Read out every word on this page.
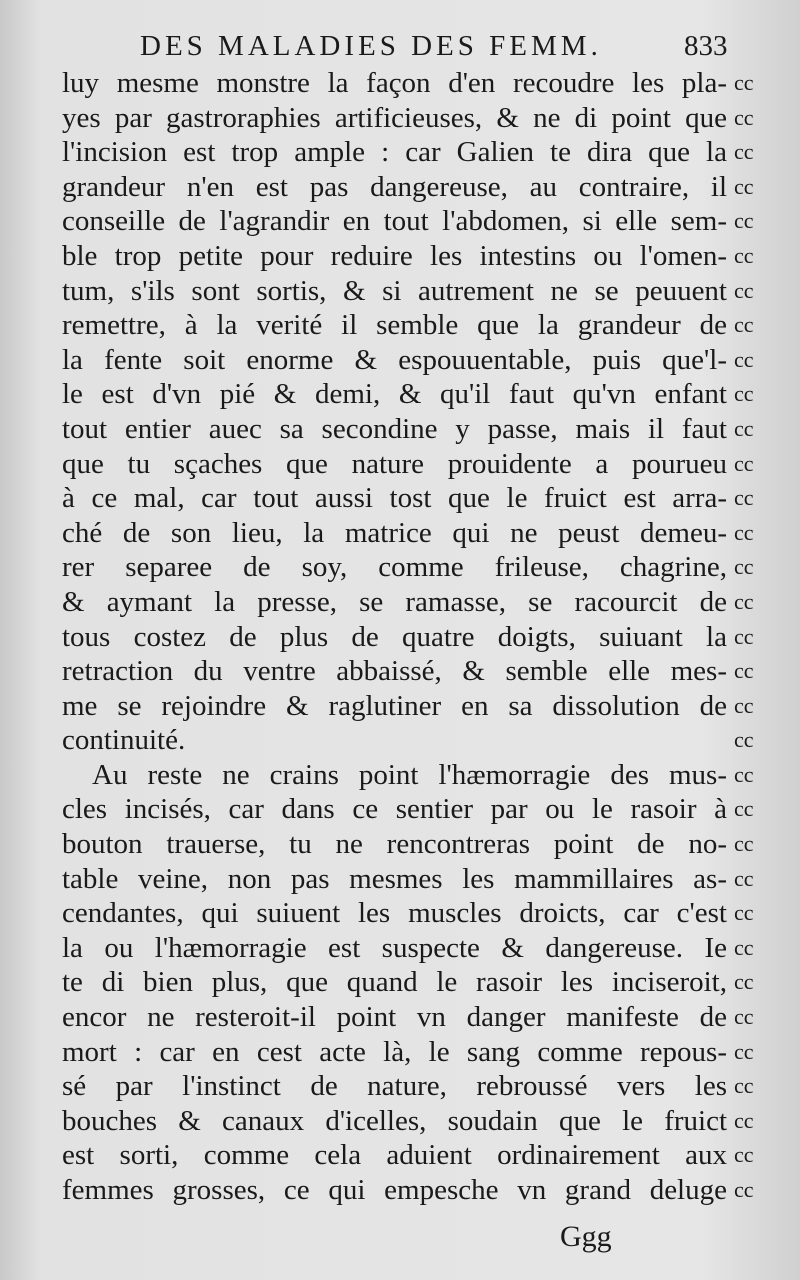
DES MALADIES DES FEMM.	833
luy mesme monstre la façon d'en recoudre les pla-
yes par gastroraphies artificieuses, & ne di point que
l'incision est trop ample : car Galien te dira que la
grandeur n'en est pas dangereuse, au contraire, il
conseille de l'agrandir en tout l'abdomen, si elle sem-
ble trop petite pour reduire les intestins ou l'omen-
tum, s'ils sont sortis, & si autrement ne se peuuent
remettre, à la verité il semble que la grandeur de
la fente soit enorme & espouuentable, puis que'l-
le est d'vn pié & demi, & qu'il faut qu'vn enfant
tout entier auec sa secondine y passe, mais il faut
que tu sçaches que nature prouidente a pourueu
à ce mal, car tout aussi tost que le fruict est arra-
ché de son lieu, la matrice qui ne peust demeu-
rer separee de soy, comme frileuse, chagrine,
& aymant la presse, se ramasse, se racourcit de
tous costez de plus de quatre doigts, suiuant la
retraction du ventre abbaissé, & semble elle mes-
me se rejoindre & raglutiner en sa dissolution de
continuité.
Au reste ne crains point l'hæmorragie des mus-
cles incisés, car dans ce sentier par ou le rasoir à
bouton trauerse, tu ne rencontreras point de no-
table veine, non pas mesmes les mammillaires as-
cendantes, qui suiuent les muscles droicts, car c'est
la ou l'hæmorragie est suspecte & dangereuse. Ie
te di bien plus, que quand le rasoir les inciseroit,
encor ne resteroit-il point vn danger manifeste de
mort : car en cest acte là, le sang comme repous-
sé par l'instinct de nature, rebroussé vers les
bouches & canaux d'icelles, soudain que le fruict
est sorti, comme cela aduient ordinairement aux
femmes grosses, ce qui empesche vn grand deluge
cc
cc
cc
cc
cc
cc
cc
cc
cc
cc
cc
cc
cc
cc
cc
cc
cc
cc
cc
cc
cc
cc
cc
cc
cc
cc
cc
cc
cc
cc
cc
cc
cc
Ggg
